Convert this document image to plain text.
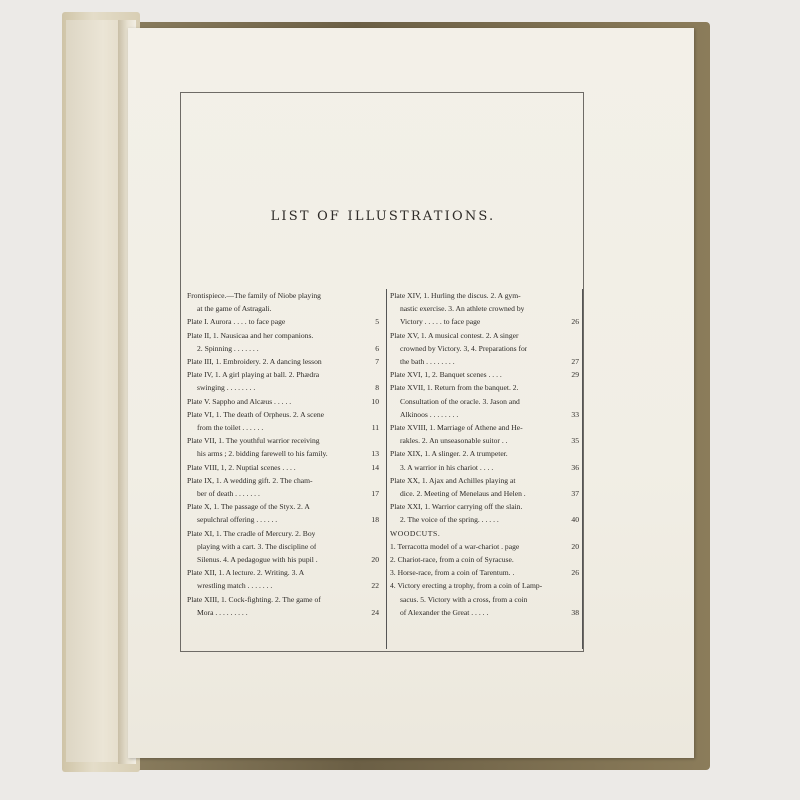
LIST OF ILLUSTRATIONS.
Frontispiece.—The family of Niobe playing
at the game of Astragali.
Plate I. Aurora . . . . to face page	5
Plate II, 1. Nausicaa and her companions.
2. Spinning . . . . . . .	6
Plate III, 1. Embroidery. 2. A dancing lesson	7
Plate IV, 1. A girl playing at ball. 2. Phædra
swinging . . . . . . . .	8
Plate V. Sappho and Alcæus . . . . .	10
Plate VI, 1. The death of Orpheus. 2. A scene
from the toilet . . . . . .	11
Plate VII, 1. The youthful warrior receiving
his arms ; 2. bidding farewell to his family.	13
Plate VIII, 1, 2. Nuptial scenes . . . .	14
Plate IX, 1. A wedding gift. 2. The cham-
ber of death . . . . . . .	17
Plate X, 1. The passage of the Styx. 2. A
sepulchral offering . . . . . .	18
Plate XI, 1. The cradle of Mercury. 2. Boy
playing with a cart. 3. The discipline of
Silenus. 4. A pedagogue with his pupil .	20
Plate XII, 1. A lecture. 2. Writing. 3. A
wrestling match . . . . . . .	22
Plate XIII, 1. Cock-fighting. 2. The game of
Mora . . . . . . . . .	24
Plate XIV, 1. Hurling the discus. 2. A gym-
nastic exercise. 3. An athlete crowned by
Victory . . . . . to face page	26
Plate XV, 1. A musical contest. 2. A singer
crowned by Victory. 3, 4. Preparations for
the bath . . . . . . . .	27
Plate XVI, 1, 2. Banquet scenes . . . .	29
Plate XVII, 1. Return from the banquet. 2.
Consultation of the oracle. 3. Jason and
Alkinoos . . . . . . . .	33
Plate XVIII, 1. Marriage of Athene and He-
rakles. 2. An unseasonable suitor . .	35
Plate XIX, 1. A slinger. 2. A trumpeter.
3. A warrior in his chariot . . . .	36
Plate XX, 1. Ajax and Achilles playing at
dice. 2. Meeting of Menelaus and Helen .	37
Plate XXI, 1. Warrior carrying off the slain.
2. The voice of the spring. . . . . .	40
WOODCUTS.
1. Terracotta model of a war-chariot . page	20
2. Chariot-race, from a coin of Syracuse.
3. Horse-race, from a coin of Tarentum. .	26
4. Victory erecting a trophy, from a coin of Lamp-
sacus. 5. Victory with a cross, from a coin
of Alexander the Great . . . . .	38
